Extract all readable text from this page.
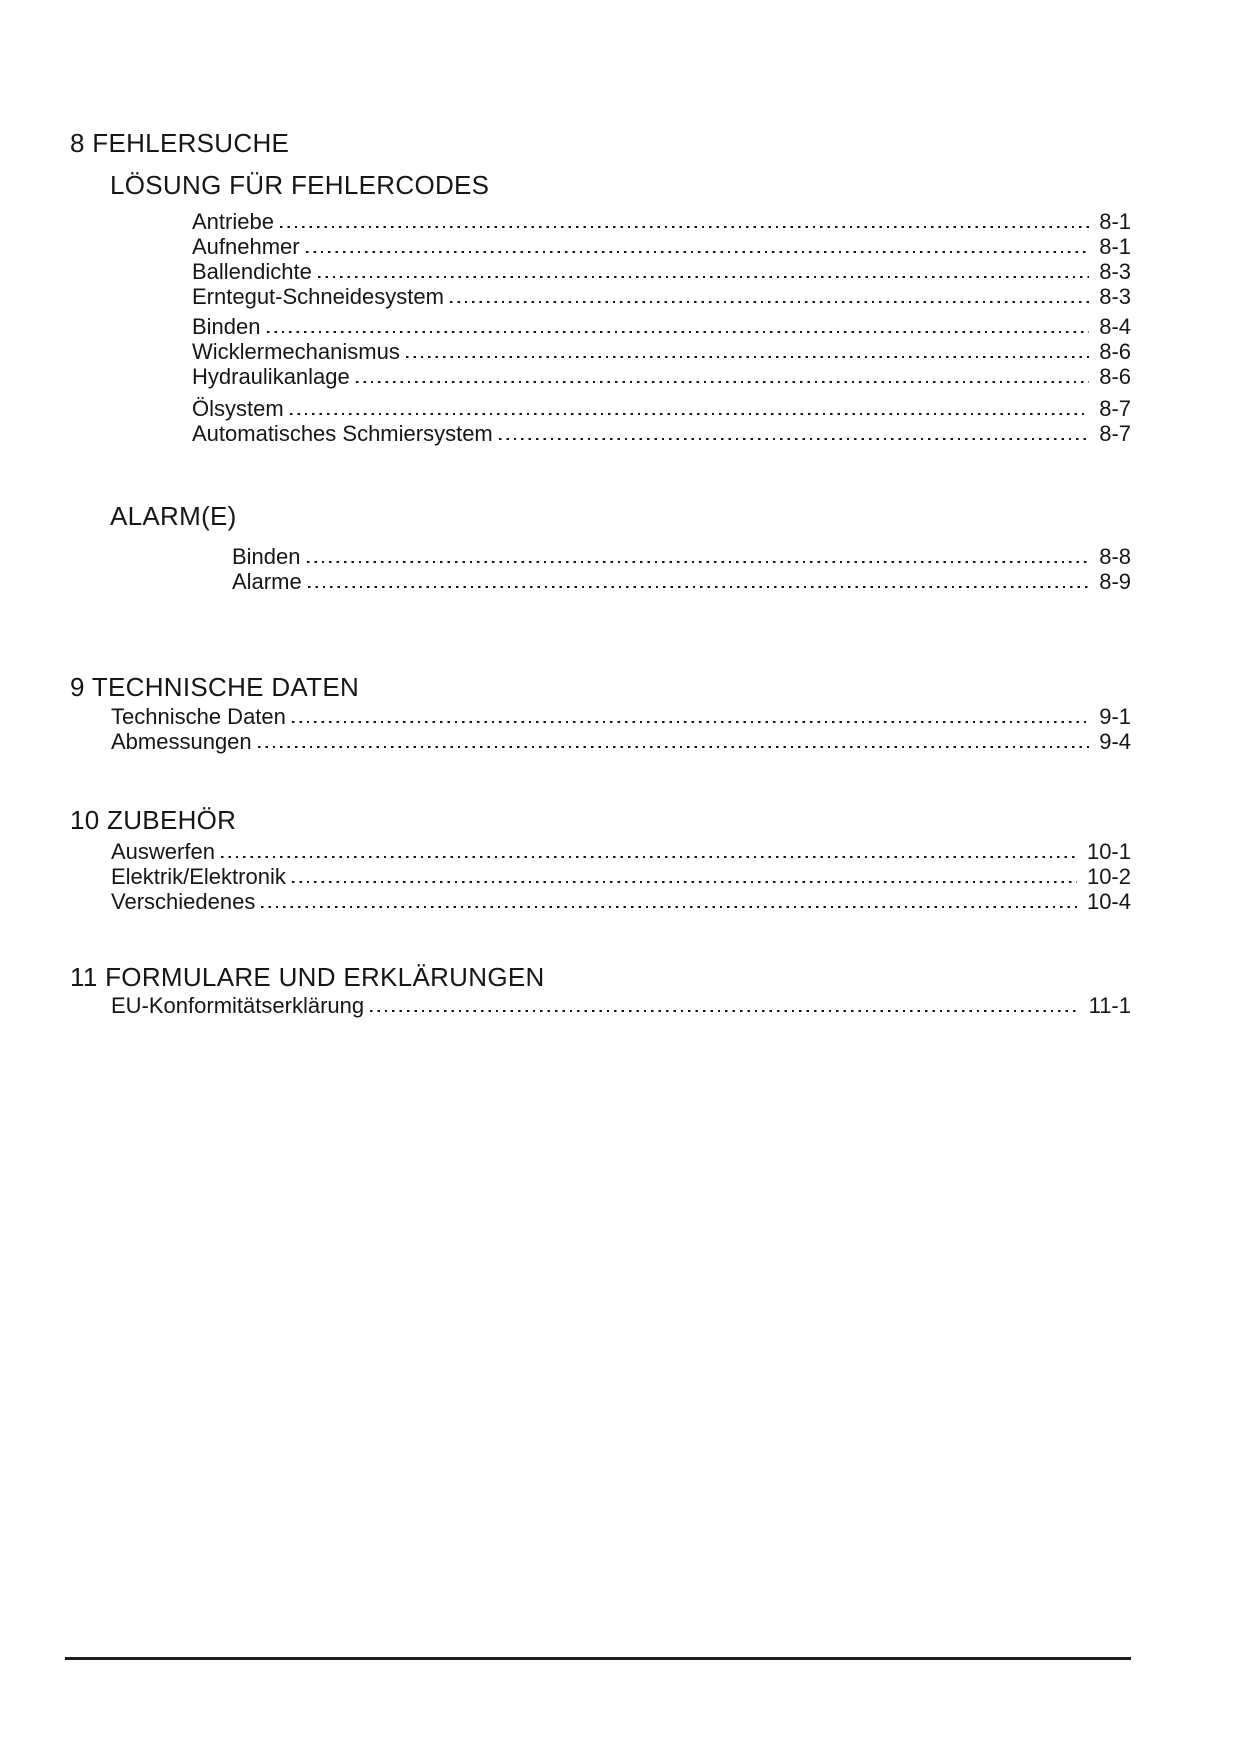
8 FEHLERSUCHE
LÖSUNG FÜR FEHLERCODES
Antriebe	8-1
Aufnehmer	8-1
Ballendichte	8-3
Erntegut-Schneidesystem	8-3
Binden	8-4
Wicklermechanismus	8-6
Hydraulikanlage	8-6
Ölsystem	8-7
Automatisches Schmiersystem	8-7
ALARM(E)
Binden	8-8
Alarme	8-9
9 TECHNISCHE DATEN
Technische Daten	9-1
Abmessungen	9-4
10 ZUBEHÖR
Auswerfen	10-1
Elektrik/Elektronik	10-2
Verschiedenes	10-4
11 FORMULARE UND ERKLÄRUNGEN
EU-Konformitätserklärung	11-1
